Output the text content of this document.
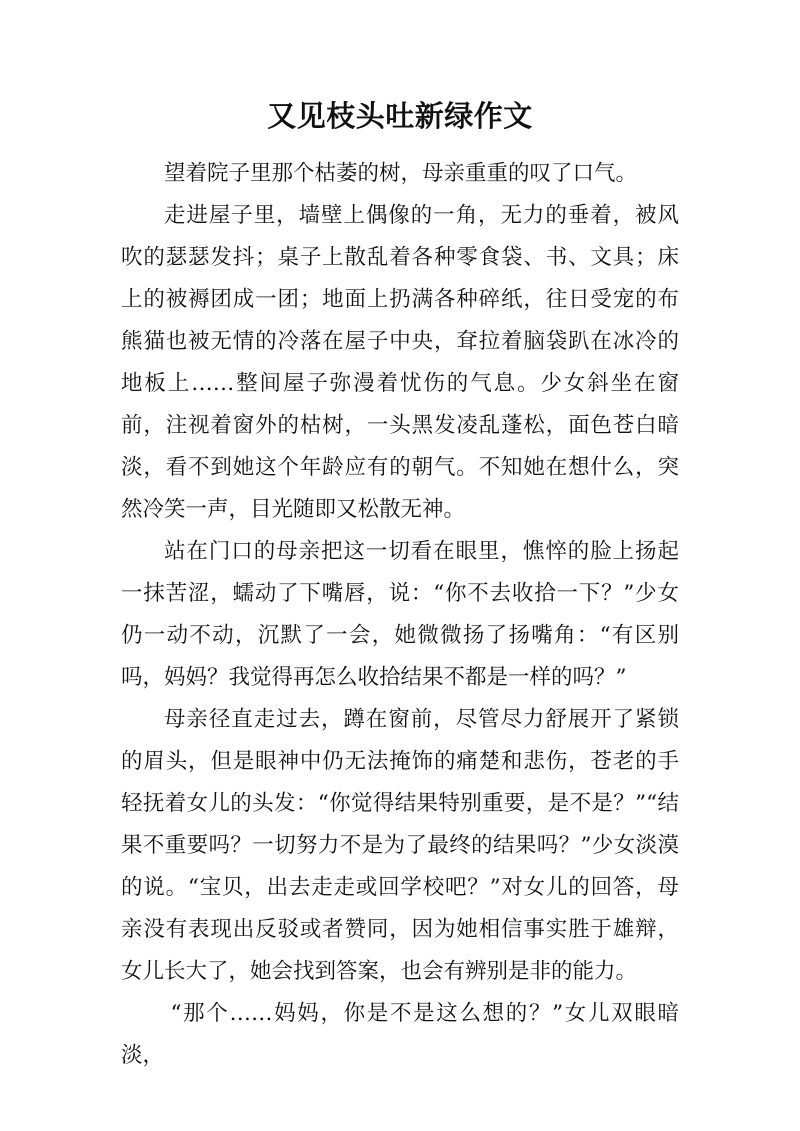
又见枝头吐新绿作文

望着院子里那个枯萎的树，母亲重重的叹了口气。

走进屋子里，墙壁上偶像的一角，无力的垂着，被风吹的瑟瑟发抖；桌子上散乱着各种零食袋、书、文具；床上的被褥团成一团；地面上扔满各种碎纸，往日受宠的布熊猫也被无情的冷落在屋子中央，耷拉着脑袋趴在冰冷的地板上……整间屋子弥漫着忧伤的气息。少女斜坐在窗前，注视着窗外的枯树，一头黑发凌乱蓬松，面色苍白暗淡，看不到她这个年龄应有的朝气。不知她在想什么，突然冷笑一声，目光随即又松散无神。

站在门口的母亲把这一切看在眼里，憔悴的脸上扬起一抹苦涩，蠕动了下嘴唇，说：“你不去收拾一下？”少女仍一动不动，沉默了一会，她微微扬了扬嘴角：“有区别吗，妈妈？我觉得再怎么收拾结果不都是一样的吗？”

母亲径直走过去，蹲在窗前，尽管尽力舒展开了紧锁的眉头，但是眼神中仍无法掩饰的痛楚和悲伤，苍老的手轻抚着女儿的头发：“你觉得结果特别重要，是不是？”“结果不重要吗？一切努力不是为了最终的结果吗？”少女淡漠的说。“宝贝，出去走走或回学校吧？”对女儿的回答，母亲没有表现出反驳或者赞同，因为她相信事实胜于雄辩，女儿长大了，她会找到答案，也会有辨别是非的能力。

“那个……妈妈，你是不是这么想的？”女儿双眼暗淡，
